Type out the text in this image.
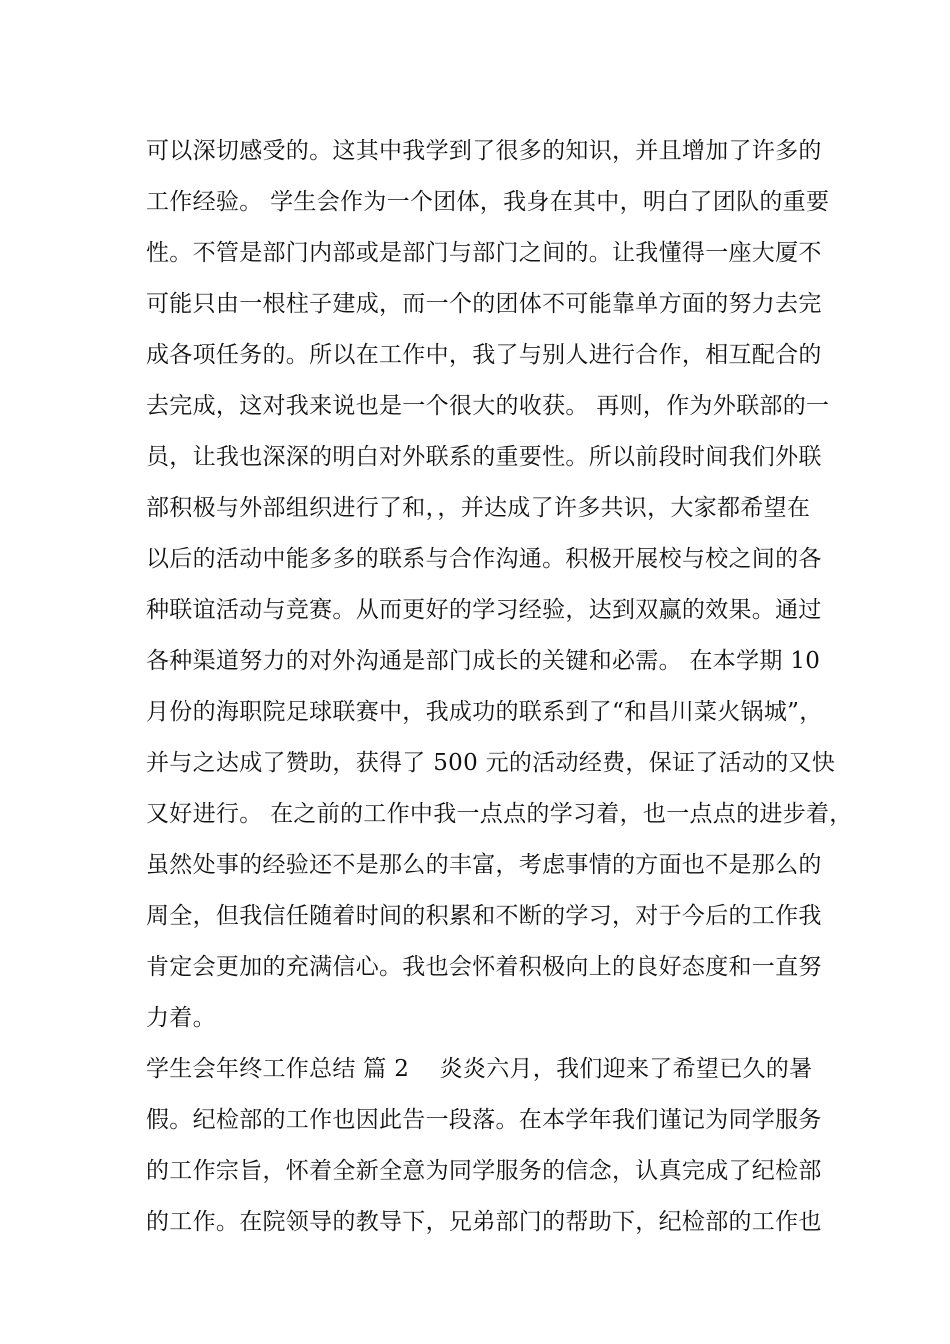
可以深切感受的。这其中我学到了很多的知识，并且增加了许多的
工作经验。 学生会作为一个团体，我身在其中，明白了团队的重要
性。不管是部门内部或是部门与部门之间的。让我懂得一座大厦不
可能只由一根柱子建成，而一个的团体不可能靠单方面的努力去完
成各项任务的。所以在工作中，我了与别人进行合作，相互配合的
去完成，这对我来说也是一个很大的收获。 再则，作为外联部的一
员，让我也深深的明白对外联系的重要性。所以前段时间我们外联
部积极与外部组织进行了和，，并达成了许多共识，大家都希望在
以后的活动中能多多的联系与合作沟通。积极开展校与校之间的各
种联谊活动与竞赛。从而更好的学习经验，达到双赢的效果。通过
各种渠道努力的对外沟通是部门成长的关键和必需。 在本学期 10
月份的海职院足球联赛中，我成功的联系到了“和昌川菜火锅城”，
并与之达成了赞助，获得了 500 元的活动经费，保证了活动的又快
又好进行。 在之前的工作中我一点点的学习着，也一点点的进步着，
虽然处事的经验还不是那么的丰富，考虑事情的方面也不是那么的
周全，但我信任随着时间的积累和不断的学习，对于今后的工作我
肯定会更加的充满信心。我也会怀着积极向上的良好态度和一直努
力着。
学生会年终工作总结 篇 2    炎炎六月，我们迎来了希望已久的暑
假。纪检部的工作也因此告一段落。在本学年我们谨记为同学服务
的工作宗旨，怀着全新全意为同学服务的信念，认真完成了纪检部
的工作。在院领导的教导下，兄弟部门的帮助下，纪检部的工作也
